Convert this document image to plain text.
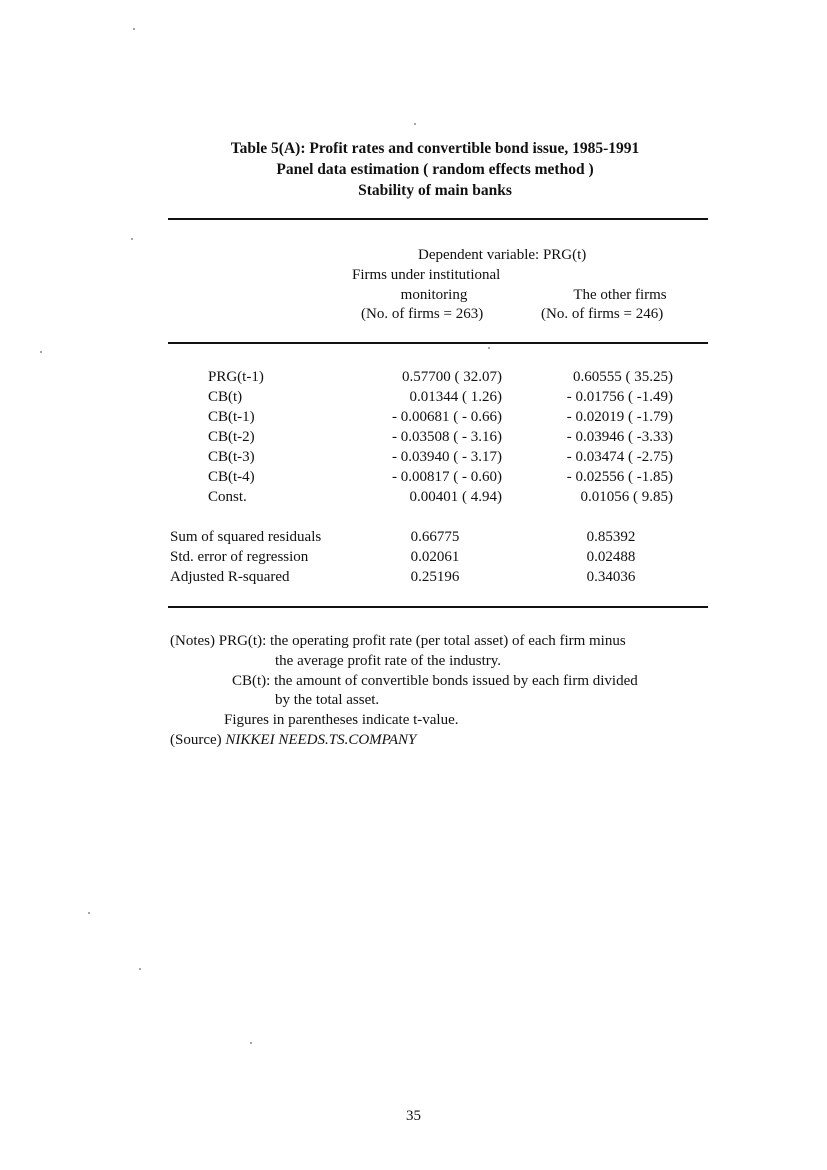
Table 5(A): Profit rates and convertible bond issue, 1985-1991
Panel data estimation ( random effects method )
Stability of main banks
Dependent variable: PRG(t)
Firms under institutional
monitoring
(No. of firms = 263)
The other firms
(No. of firms = 246)
PRG(t-1)	0.57700 ( 32.07)	0.60555 ( 35.25)
CB(t)	0.01344 ( 1.26)	- 0.01756 ( -1.49)
CB(t-1)	- 0.00681 ( - 0.66)	- 0.02019 ( -1.79)
CB(t-2)	- 0.03508 ( - 3.16)	- 0.03946 ( -3.33)
CB(t-3)	- 0.03940 ( - 3.17)	- 0.03474 ( -2.75)
CB(t-4)	- 0.00817 ( - 0.60)	- 0.02556 ( -1.85)
Const.	0.00401 ( 4.94)	0.01056 ( 9.85)
Sum of squared residuals	0.66775	0.85392
Std. error of regression	0.02061	0.02488
Adjusted R-squared	0.25196	0.34036
(Notes) PRG(t): the operating profit rate (per total asset) of each firm minus
the average profit rate of the industry.
CB(t): the amount of convertible bonds issued by each firm divided
by the total asset.
Figures in parentheses indicate t-value.
(Source) NIKKEI NEEDS.TS.COMPANY
35
